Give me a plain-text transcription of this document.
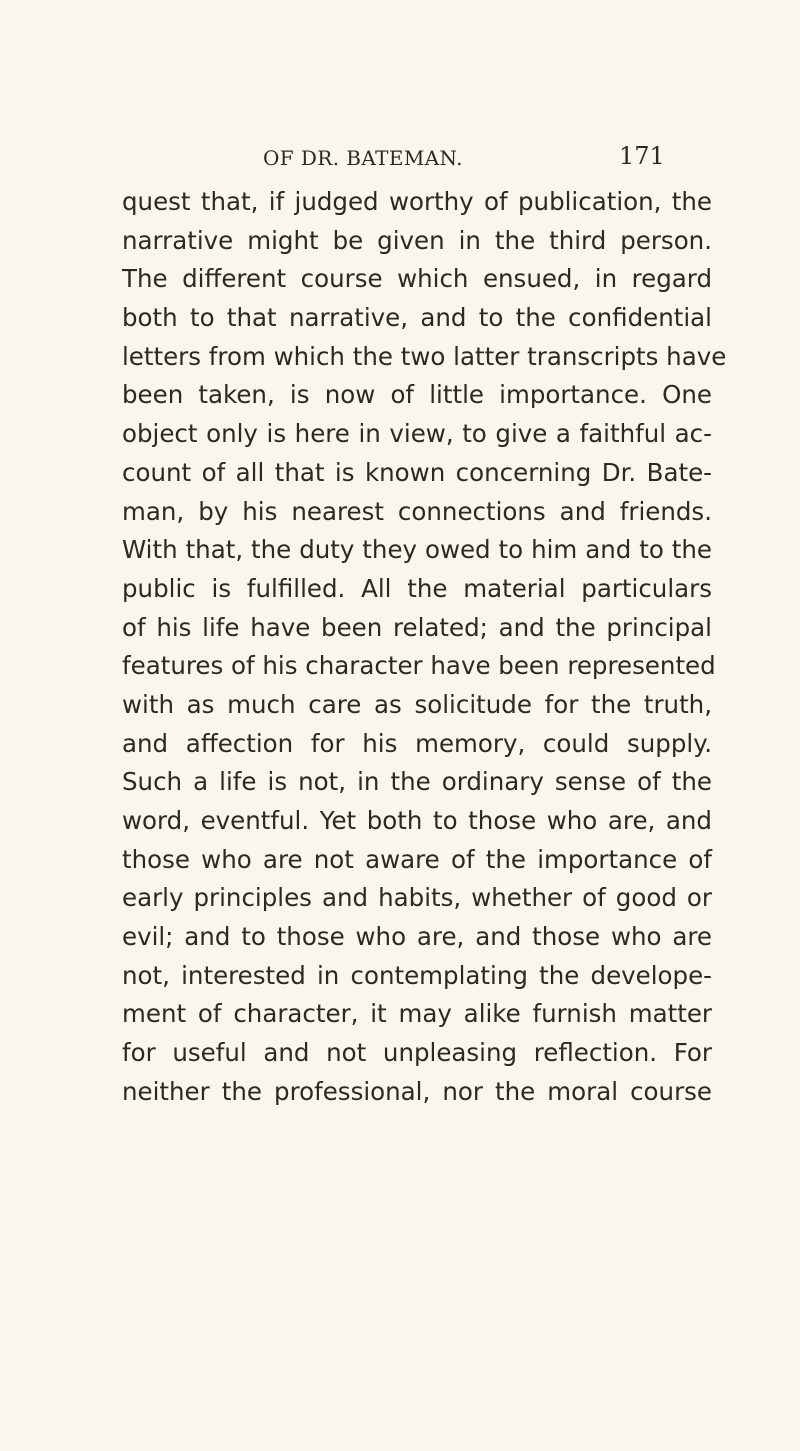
OF DR. BATEMAN.	171
quest that, if judged worthy of publication, the
narrative might be given in the third person.
The different course which ensued, in regard
both to that narrative, and to the confidential
letters from which the two latter transcripts have
been taken, is now of little importance. One
object only is here in view, to give a faithful ac-
count of all that is known concerning Dr. Bate-
man, by his nearest connections and friends.
With that, the duty they owed to him and to the
public is fulfilled. All the material particulars
of his life have been related; and the principal
features of his character have been represented
with as much care as solicitude for the truth,
and affection for his memory, could supply.
Such a life is not, in the ordinary sense of the
word, eventful. Yet both to those who are, and
those who are not aware of the importance of
early principles and habits, whether of good or
evil; and to those who are, and those who are
not, interested in contemplating the develope-
ment of character, it may alike furnish matter
for useful and not unpleasing reflection. For
neither the professional, nor the moral course
